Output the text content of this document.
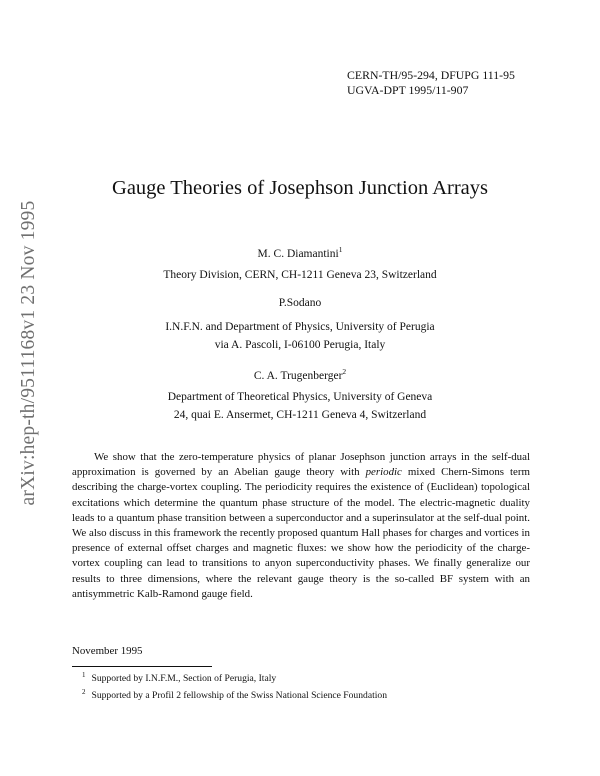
arXiv:hep-th/9511168v1 23 Nov 1995
CERN-TH/95-294, DFUPG 111-95
UGVA-DPT 1995/11-907
Gauge Theories of Josephson Junction Arrays
M. C. Diamantini$^1$
Theory Division, CERN, CH-1211 Geneva 23, Switzerland
P.Sodano
I.N.F.N. and Department of Physics, University of Perugia
via A. Pascoli, I-06100 Perugia, Italy
C. A. Trugenberger$^2$
Department of Theoretical Physics, University of Geneva
24, quai E. Ansermet, CH-1211 Geneva 4, Switzerland
We show that the zero-temperature physics of planar Josephson junction arrays in the self-dual approximation is governed by an Abelian gauge theory with periodic mixed Chern-Simons term describing the charge-vortex coupling. The periodicity requires the existence of (Euclidean) topological excitations which determine the quantum phase structure of the model. The electric-magnetic duality leads to a quantum phase transition between a superconductor and a superinsulator at the self-dual point. We also discuss in this framework the recently proposed quantum Hall phases for charges and vortices in presence of external offset charges and magnetic fluxes: we show how the periodicity of the charge-vortex coupling can lead to transitions to anyon superconductivity phases. We finally generalize our results to three dimensions, where the relevant gauge theory is the so-called BF system with an antisymmetric Kalb-Ramond gauge field.
November 1995
$^1$ Supported by I.N.F.M., Section of Perugia, Italy
$^2$ Supported by a Profil 2 fellowship of the Swiss National Science Foundation
